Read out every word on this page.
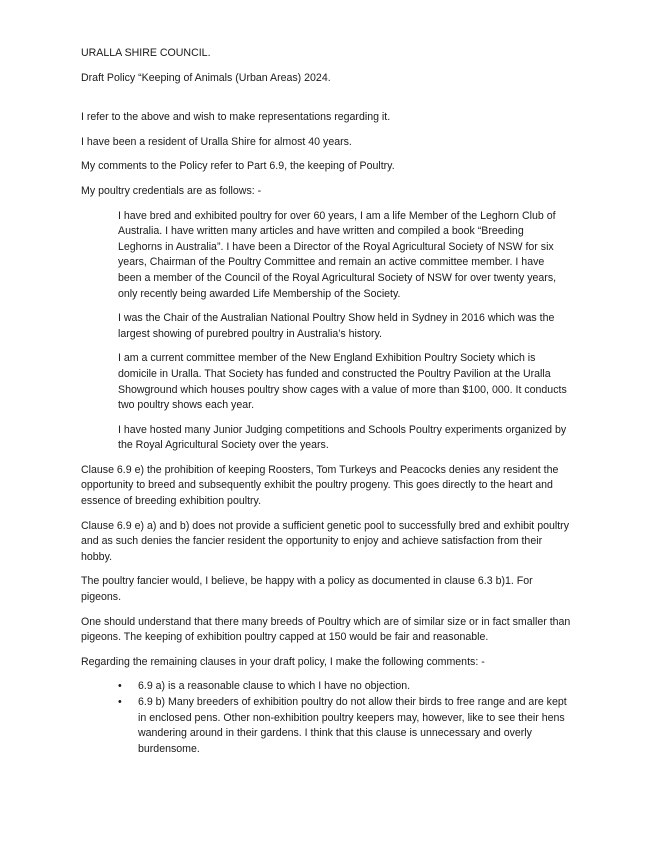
URALLA SHIRE COUNCIL.

Draft Policy “Keeping of Animals (Urban Areas) 2024.

I refer to the above and wish to make representations regarding it.

I have been a resident of Uralla Shire for almost 40 years.

My comments to the Policy refer to Part 6.9, the keeping of Poultry.

My poultry credentials are as follows: -

I have bred and exhibited poultry for over 60 years, I am a life Member of the Leghorn Club of Australia. I have written many articles and have written and compiled a book “Breeding Leghorns in Australia”. I have been a Director of the Royal Agricultural Society of NSW for six years, Chairman of the Poultry Committee and remain an active committee member. I have been a member of the Council of the Royal Agricultural Society of NSW for over twenty years, only recently being awarded Life Membership of the Society.

I was the Chair of the Australian National Poultry Show held in Sydney in 2016 which was the largest showing of purebred poultry in Australia’s history.

I am a current committee member of the New England Exhibition Poultry Society which is domicile in Uralla. That Society has funded and constructed the Poultry Pavilion at the Uralla Showground which houses poultry show cages with a value of more than $100, 000. It conducts two poultry shows each year.

I have hosted many Junior Judging competitions and Schools Poultry experiments organized by the Royal Agricultural Society over the years.

Clause 6.9 e) the prohibition of keeping Roosters, Tom Turkeys and Peacocks denies any resident the opportunity to breed and subsequently exhibit the poultry progeny. This goes directly to the heart and essence of breeding exhibition poultry.

Clause 6.9 e) a) and b) does not provide a sufficient genetic pool to successfully bred and exhibit poultry and as such denies the fancier resident the opportunity to enjoy and achieve satisfaction from their hobby.

The poultry fancier would, I believe, be happy with a policy as documented in clause 6.3 b)1. For pigeons.

One should understand that there many breeds of Poultry which are of similar size or in fact smaller than pigeons. The keeping of exhibition poultry capped at 150 would be fair and reasonable.

Regarding the remaining clauses in your draft policy, I make the following comments: -

• 6.9 a) is a reasonable clause to which I have no objection.
• 6.9 b) Many breeders of exhibition poultry do not allow their birds to free range and are kept in enclosed pens. Other non-exhibition poultry keepers may, however, like to see their hens wandering around in their gardens. I think that this clause is unnecessary and overly burdensome.
